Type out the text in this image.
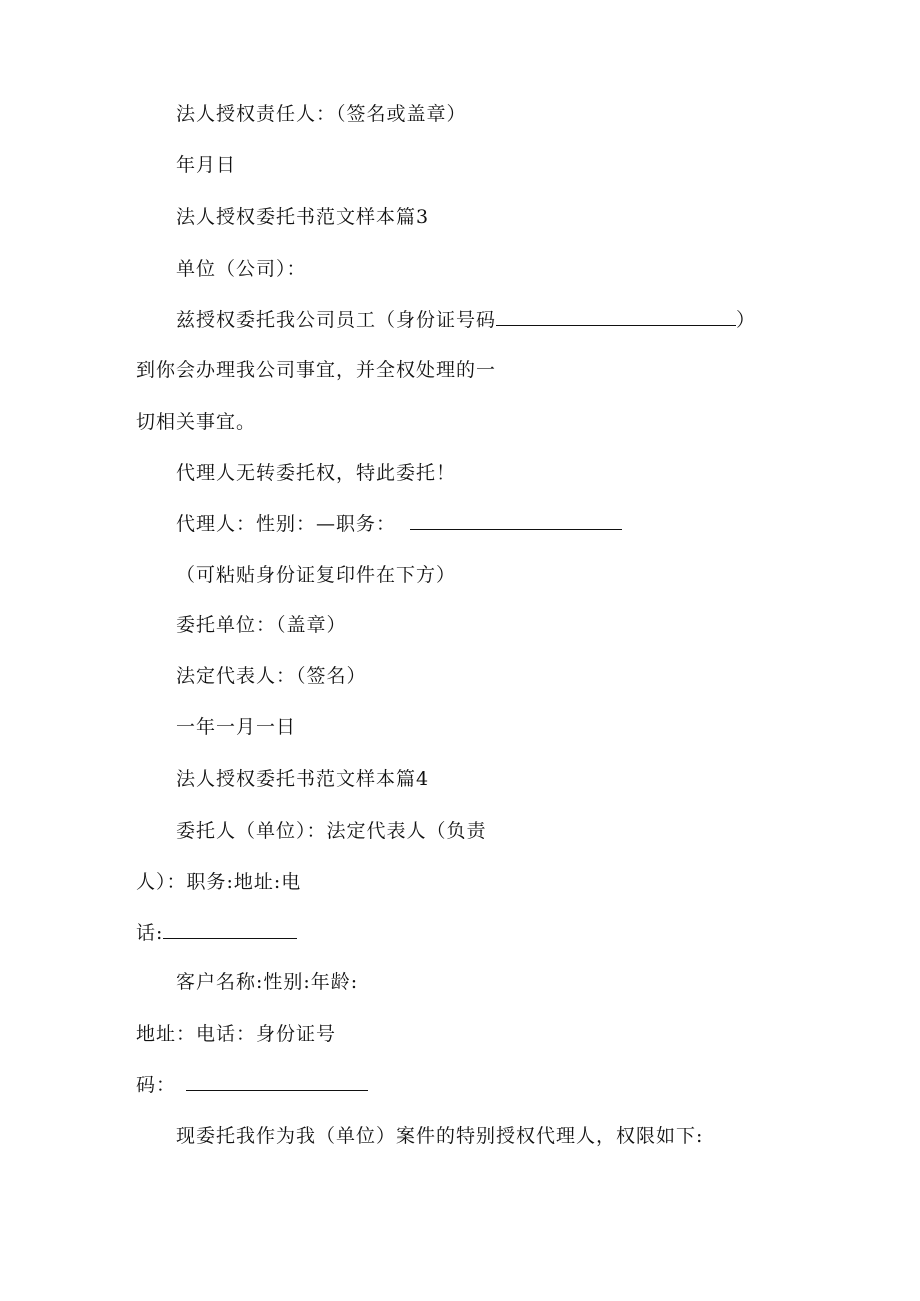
法人授权责任人：（签名或盖章）
年月日
法人授权委托书范文样本篇3
单位（公司）：
兹授权委托我公司员工（身份证号码	）
到你会办理我公司事宜，并全权处理的一
切相关事宜。
代理人无转委托权，特此委托！
代理人：性别：—职务：
（可粘贴身份证复印件在下方）
委托单位：（盖章）
法定代表人：（签名）
一年一月一日
法人授权委托书范文样本篇4
委托人（单位）：法定代表人（负责
人）：职务:地址:电
话:
客户名称:性别:年龄:
地址：电话：身份证号
码：
现委托我作为我（单位）案件的特别授权代理人，权限如下:
